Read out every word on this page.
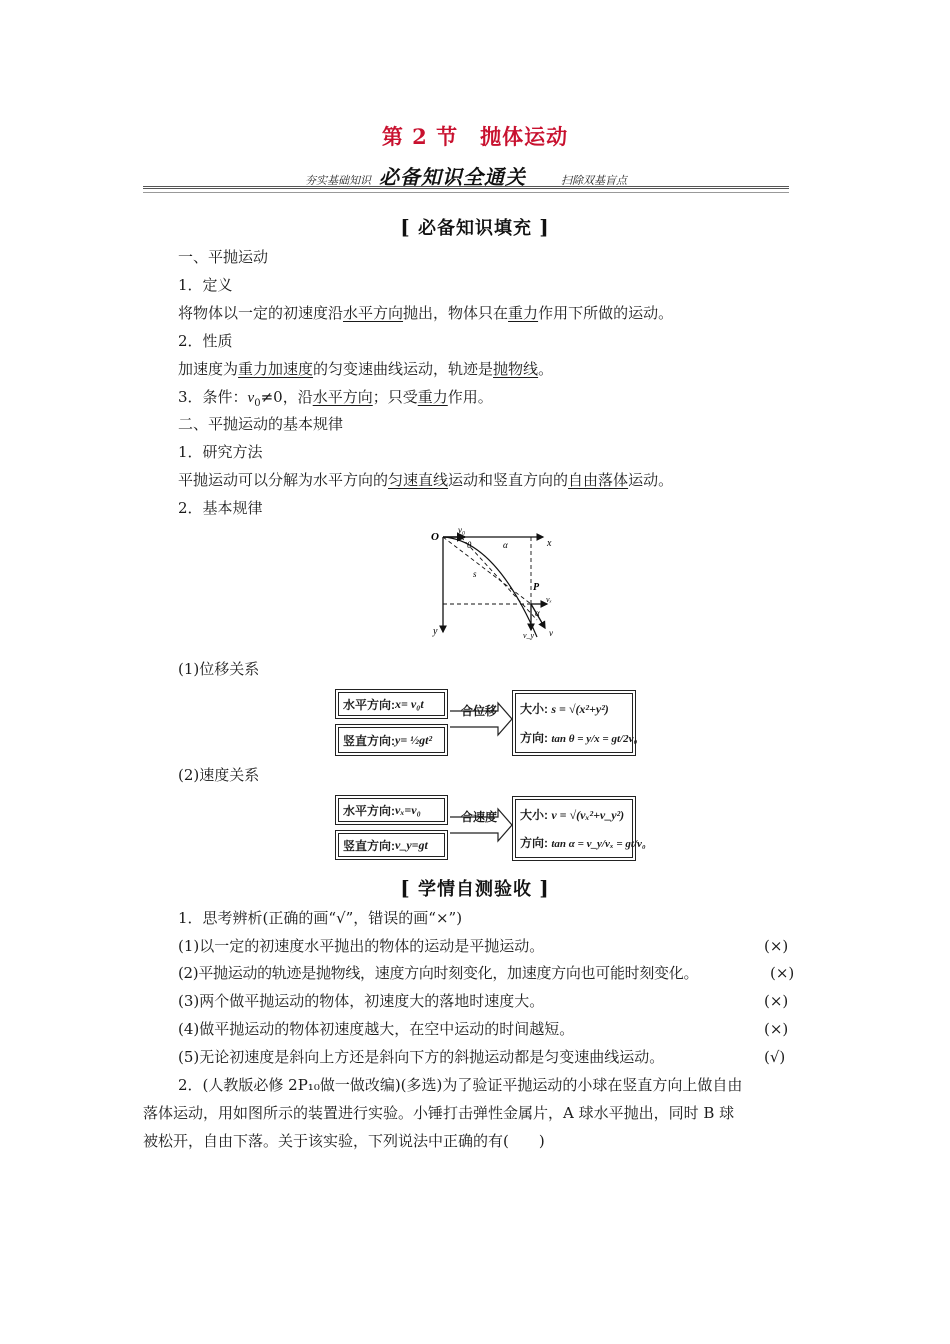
第 2 节 抛体运动
夯实基础知识 必备知识全通关	扫除双基盲点
[ 必备知识填充 ]
一、平抛运动
1．定义
将物体以一定的初速度沿水平方向抛出，物体只在重力作用下所做的运动。
2．性质
加速度为重力加速度的匀变速曲线运动，轨迹是抛物线。
3．条件：$v_0\ne 0$，沿水平方向；只受重力作用。
二、平抛运动的基本规律
1．研究方法
平抛运动可以分解为水平方向的匀速直线运动和竖直方向的自由落体运动。
2．基本规律
O
x
y
v₀
θ	α
s
P
vₓ
α
v_y v
(1)位移关系
水平方向: x= v₀t
竖直方向: y= ½gt²
合位移 大小: s = √(x²+y²)
方向: tan θ = y/x = gt/2v₀
(2)速度关系
水平方向: vₓ=v₀
竖直方向: v_y=gt
合速度 大小: v = √(vₓ²+v_y²)
方向: tan α = v_y/vₓ = gt/v₀
[ 学情自测验收 ]
1．思考辨析(正确的画“√”，错误的画“×”)
(1)以一定的初速度水平抛出的物体的运动是平抛运动。	(×)
(2)平抛运动的轨迹是抛物线，速度方向时刻变化，加速度方向也可能时刻变化。	(×)
(3)两个做平抛运动的物体，初速度大的落地时速度大。	(×)
(4)做平抛运动的物体初速度越大，在空中运动的时间越短。	(×)
(5)无论初速度是斜向上方还是斜向下方的斜抛运动都是匀变速曲线运动。	(√)
2．(人教版必修 2P₁₀做一做改编)(多选)为了验证平抛运动的小球在竖直方向上做自由
落体运动，用如图所示的装置进行实验。小锤打击弹性金属片，A 球水平抛出，同时 B 球
被松开，自由下落。关于该实验，下列说法中正确的有(　　)
